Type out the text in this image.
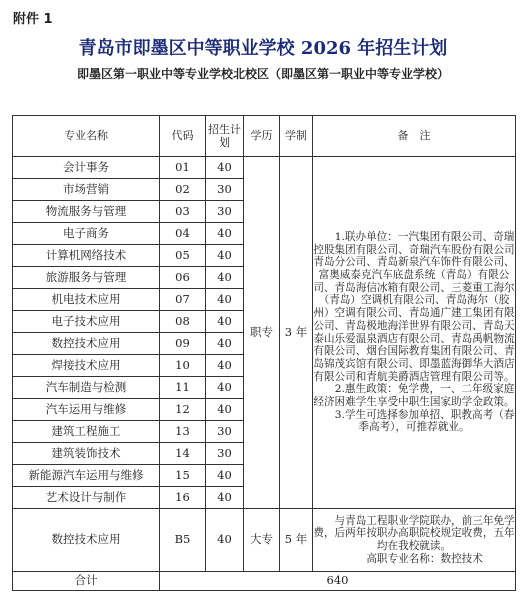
附件 1
青岛市即墨区中等职业学校 2026 年招生计划
即墨区第一职业中等专业学校北校区（即墨区第一职业中等专业学校）
专业名称	代码	招生计划	学历	学制	备　注
会计事务	01	40	职专	3 年	1.联办单位：一汽集团有限公司、奇瑞控股集团有限公司、奇瑞汽车股份有限公司青岛分公司、青岛新泉汽车饰件有限公司、富奥威泰克汽车底盘系统（青岛）有限公司、青岛海信冰箱有限公司、三菱重工海尔（青岛）空调机有限公司、青岛海尔（胶州）空调有限公司、青岛通广建工集团有限公司、青岛极地海洋世界有限公司、青岛天泰山乐爱温泉酒店有限公司、青岛禹帆物流有限公司、烟台国际教育集团有限公司、青岛锦茂宾馆有限公司、即墨蓝海御华大酒店有限公司和青航美爵酒店管理有限公司等。

2.惠生政策：免学费，一、二年级家庭经济困难学生享受中职生国家助学金政策。

3.学生可选择参加单招、职教高考（春季高考），可推荐就业。

市场营销	02	30			
物流服务与管理	03	30			
电子商务	04	40			
计算机网络技术	05	40			
旅游服务与管理	06	40			
机电技术应用	07	40			
电子技术应用	08	40			
数控技术应用	09	40			
焊接技术应用	10	40			
汽车制造与检测	11	40			
汽车运用与维修	12	40			
建筑工程施工	13	30			
建筑装饰技术	14	30			
新能源汽车运用与维修	15	40			
艺术设计与制作	16	40			
数控技术应用	B5	40	大专	5 年	与青岛工程职业学院联办，前三年免学费，后两年按职办高职院校规定收费，五年均在我校就读。

高职专业名称：数控技术

合计	640				
